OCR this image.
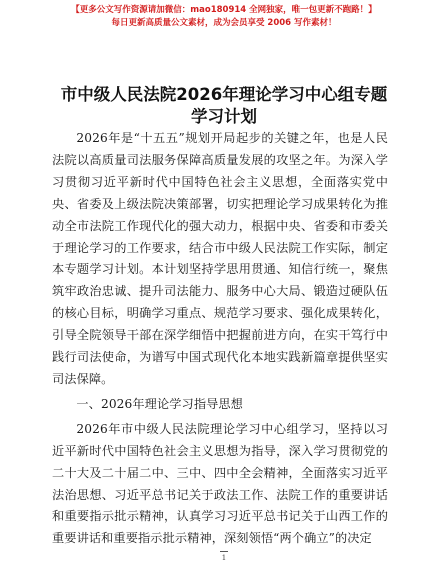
【更多公文写作资源请加微信：mao180914 全网独家，唯一包更新不跑路！】
每日更新高质量公文素材，成为会员享受 2006 写作素材！
市中级人民法院2026年理论学习中心组专题学习计划

2026年是“十五五”规划开局起步的关键之年，也是人民法院以高质量司法服务保障高质量发展的攻坚之年。为深入学习贯彻习近平新时代中国特色社会主义思想，全面落实党中央、省委及上级法院决策部署，切实把理论学习成果转化为推动全市法院工作现代化的强大动力，根据中央、省委和市委关于理论学习的工作要求，结合市中级人民法院工作实际，制定本专题学习计划。本计划坚持学思用贯通、知信行统一，聚焦筑牢政治忠诚、提升司法能力、服务中心大局、锻造过硬队伍的核心目标，明确学习重点、规范学习要求、强化成果转化，引导全院领导干部在深学细悟中把握前进方向，在实干笃行中践行司法使命，为谱写中国式现代化本地实践新篇章提供坚实司法保障。

一、2026年理论学习指导思想

2026年市中级人民法院理论学习中心组学习，坚持以习近平新时代中国特色社会主义思想为指导，深入学习贯彻党的二十大及二十届二中、三中、四中全会精神，全面落实习近平法治思想、习近平总书记关于政法工作、法院工作的重要讲话和重要指示批示精神，认真学习习近平总书记关于山西工作的重要讲话和重要指示批示精神，深刻领悟“两个确立”的决定

1
